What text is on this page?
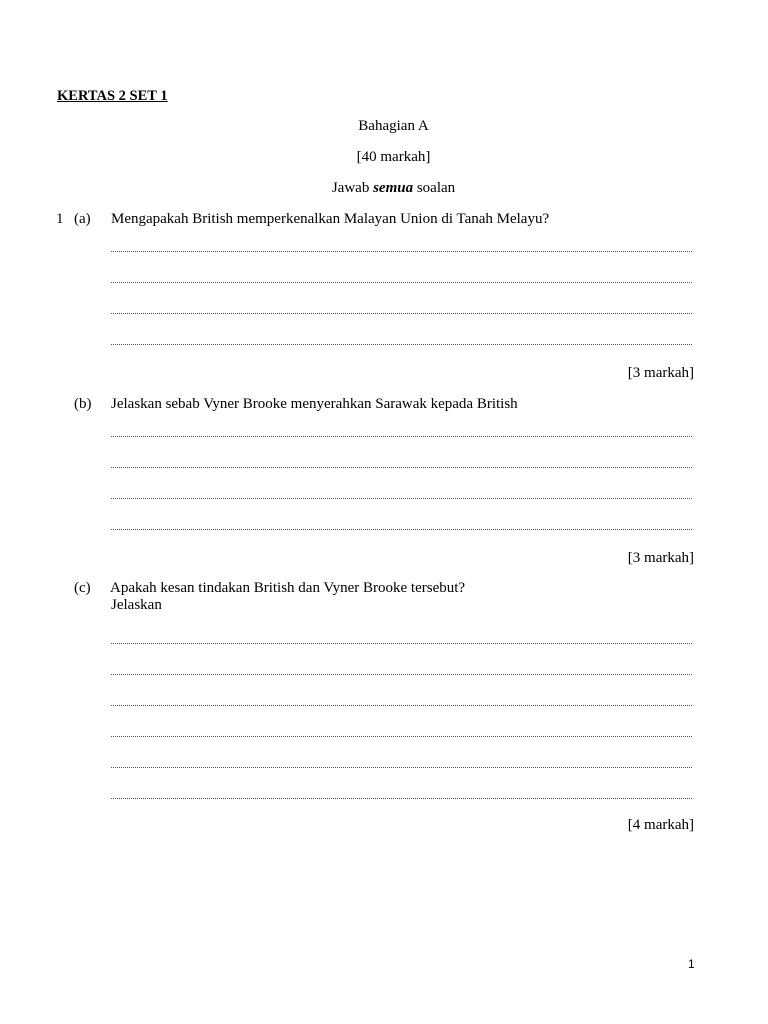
KERTAS 2 SET 1
Bahagian A
[40 markah]
Jawab semua soalan
1 (a) Mengapakah British memperkenalkan Malayan Union di Tanah Melayu?
[3 markah]
(b) Jelaskan sebab Vyner Brooke menyerahkan Sarawak kepada British
[3 markah]
(c) Apakah kesan tindakan British dan Vyner Brooke tersebut?
Jelaskan
[4 markah]
1
